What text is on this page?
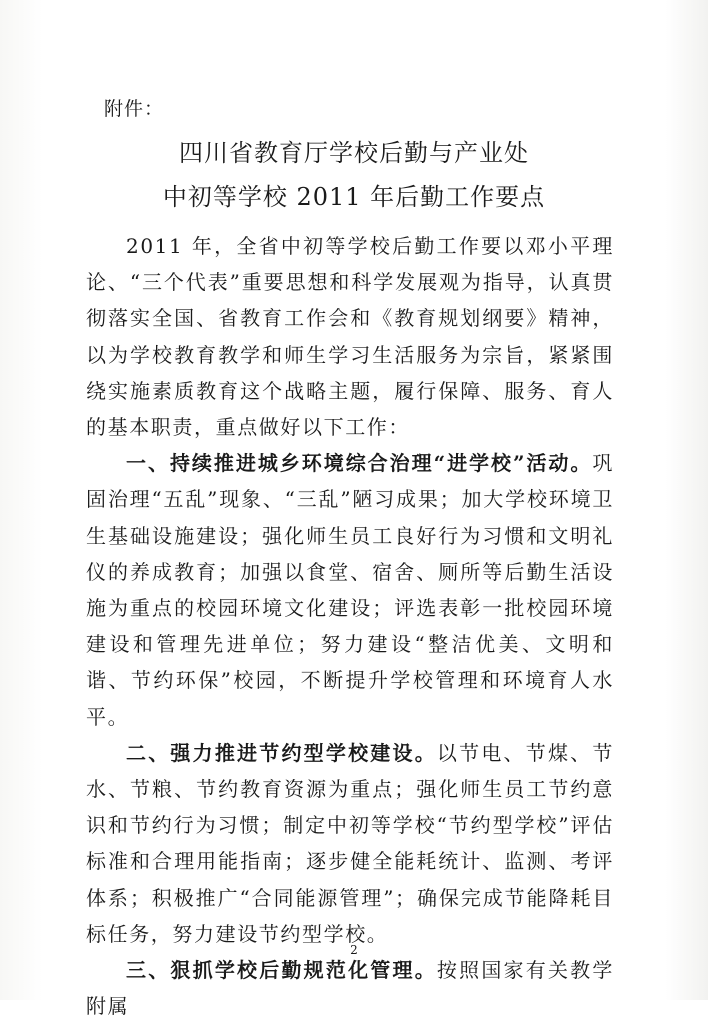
附件：
四川省教育厅学校后勤与产业处
中初等学校 2011 年后勤工作要点

2011 年，全省中初等学校后勤工作要以邓小平理论、“三个代表”重要思想和科学发展观为指导，认真贯彻落实全国、省教育工作会和《教育规划纲要》精神，以为学校教育教学和师生学习生活服务为宗旨，紧紧围绕实施素质教育这个战略主题，履行保障、服务、育人的基本职责，重点做好以下工作：

一、持续推进城乡环境综合治理“进学校”活动。巩固治理“五乱”现象、“三乱”陋习成果；加大学校环境卫生基础设施建设；强化师生员工良好行为习惯和文明礼仪的养成教育；加强以食堂、宿舍、厕所等后勤生活设施为重点的校园环境文化建设；评选表彰一批校园环境建设和管理先进单位；努力建设“整洁优美、文明和谐、节约环保”校园，不断提升学校管理和环境育人水平。

二、强力推进节约型学校建设。以节电、节煤、节水、节粮、节约教育资源为重点；强化师生员工节约意识和节约行为习惯；制定中初等学校“节约型学校”评估标准和合理用能指南；逐步健全能耗统计、监测、考评体系；积极推广“合同能源管理”；确保完成节能降耗目标任务，努力建设节约型学校。

三、狠抓学校后勤规范化管理。按照国家有关教学附属

2
